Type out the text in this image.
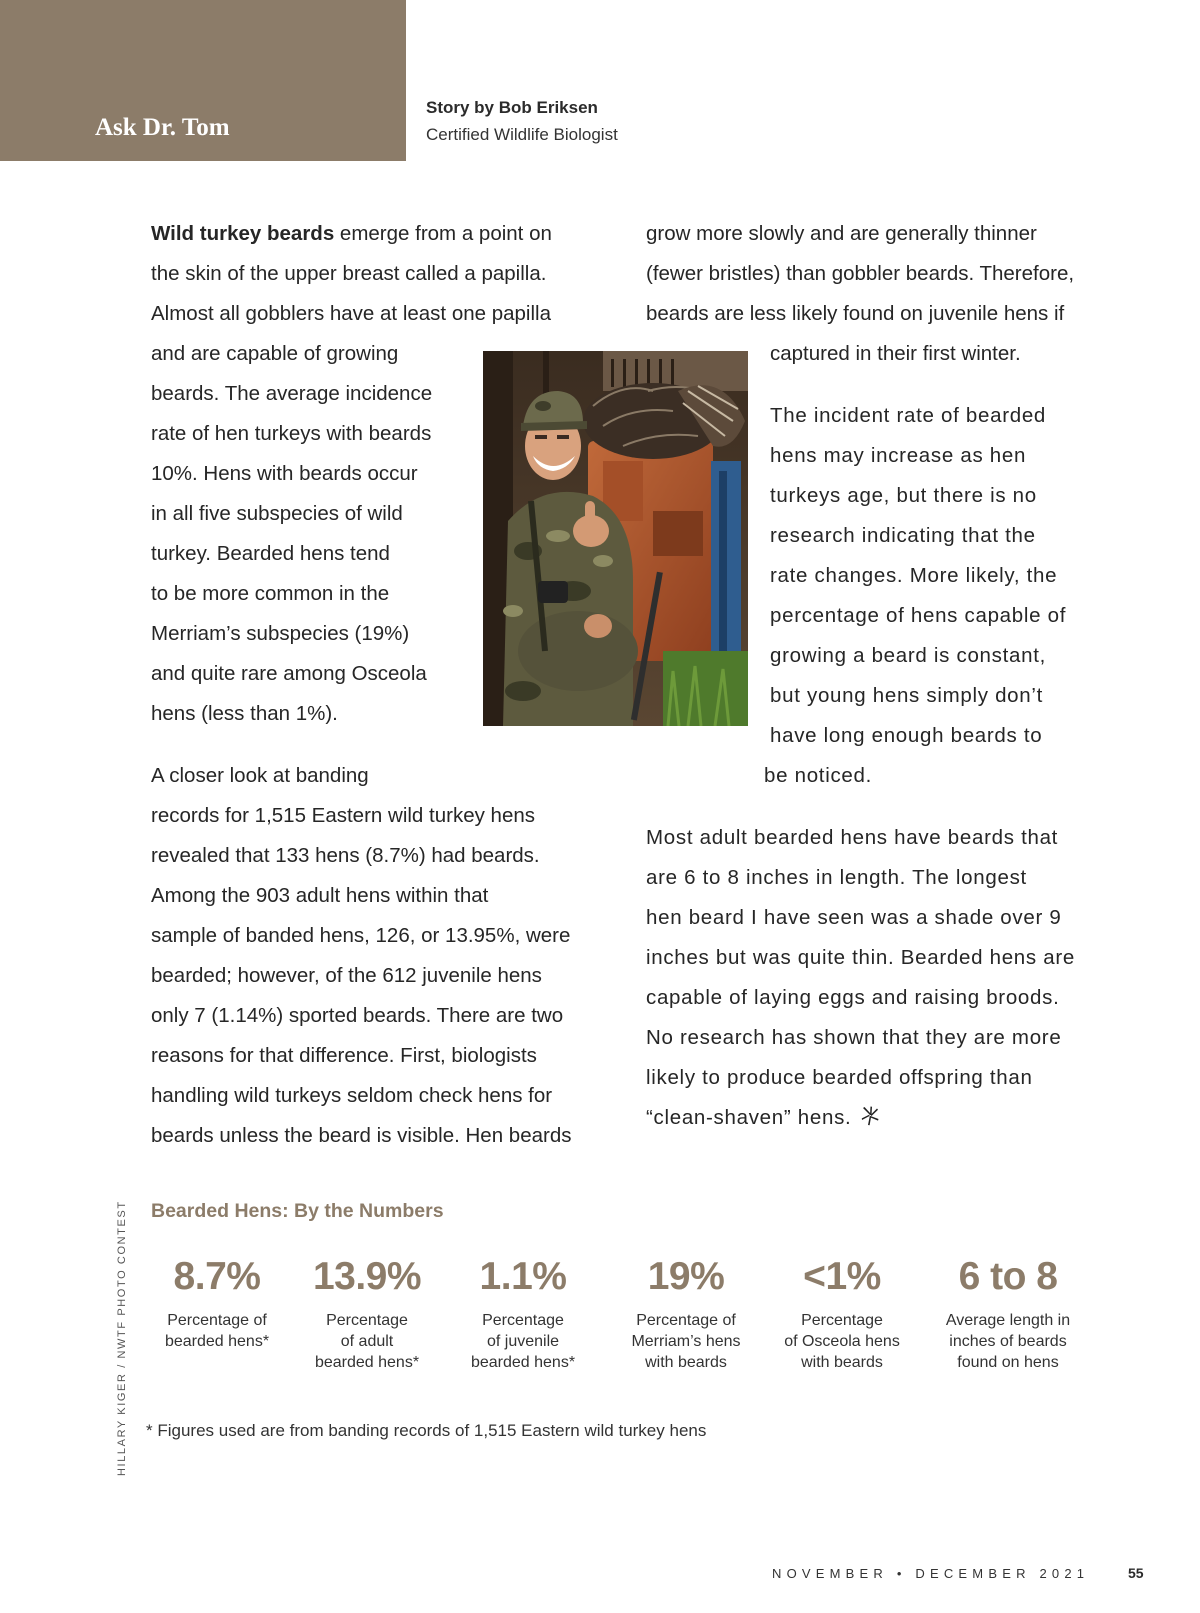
Ask Dr. Tom
Story by Bob Eriksen
Certified Wildlife Biologist

Wild turkey beards emerge from a point on

the skin of the upper breast called a papilla.

Almost all gobblers have at least one papilla

and are capable of growing

beards. The average incidence

rate of hen turkeys with beards

10%. Hens with beards occur

in all five subspecies of wild

turkey. Bearded hens tend

to be more common in the

Merriam’s subspecies (19%)

and quite rare among Osceola

hens (less than 1%).

A closer look at banding

records for 1,515 Eastern wild turkey hens

revealed that 133 hens (8.7%) had beards.

Among the 903 adult hens within that

sample of banded hens, 126, or 13.95%, were

bearded; however, of the 612 juvenile hens

only 7 (1.14%) sported beards. There are two

reasons for that difference. First, biologists

handling wild turkeys seldom check hens for

beards unless the beard is visible. Hen beards

grow more slowly and are generally thinner

(fewer bristles) than gobbler beards. Therefore,

beards are less likely found on juvenile hens if

captured in their first winter.

The incident rate of bearded

hens may increase as hen

turkeys age, but there is no

research indicating that the

rate changes. More likely, the

percentage of hens capable of

growing a beard is constant,

but young hens simply don’t

have long enough beards to

be noticed.

Most adult bearded hens have beards that

are 6 to 8 inches in length. The longest

hen beard I have seen was a shade over 9

inches but was quite thin. Bearded hens are

capable of laying eggs and raising broods.

No research has shown that they are more

likely to produce bearded offspring than

“clean-shaven” hens.

Bearded Hens: By the Numbers
HILLARY KIGER / NWTF PHOTO CONTEST	8.7%
Percentage of
bearded hens*
13.9%
Percentage
of adult
bearded hens*
1.1%
Percentage
of juvenile
bearded hens*
19%
Percentage of
Merriam’s hens
with beards
<1%
Percentage
of Osceola hens
with beards
6 to 8
Average length in
inches of beards
found on hens
* Figures used are from banding records of 1,515 Eastern wild turkey hens
NOVEMBER • DECEMBER 2021	55
